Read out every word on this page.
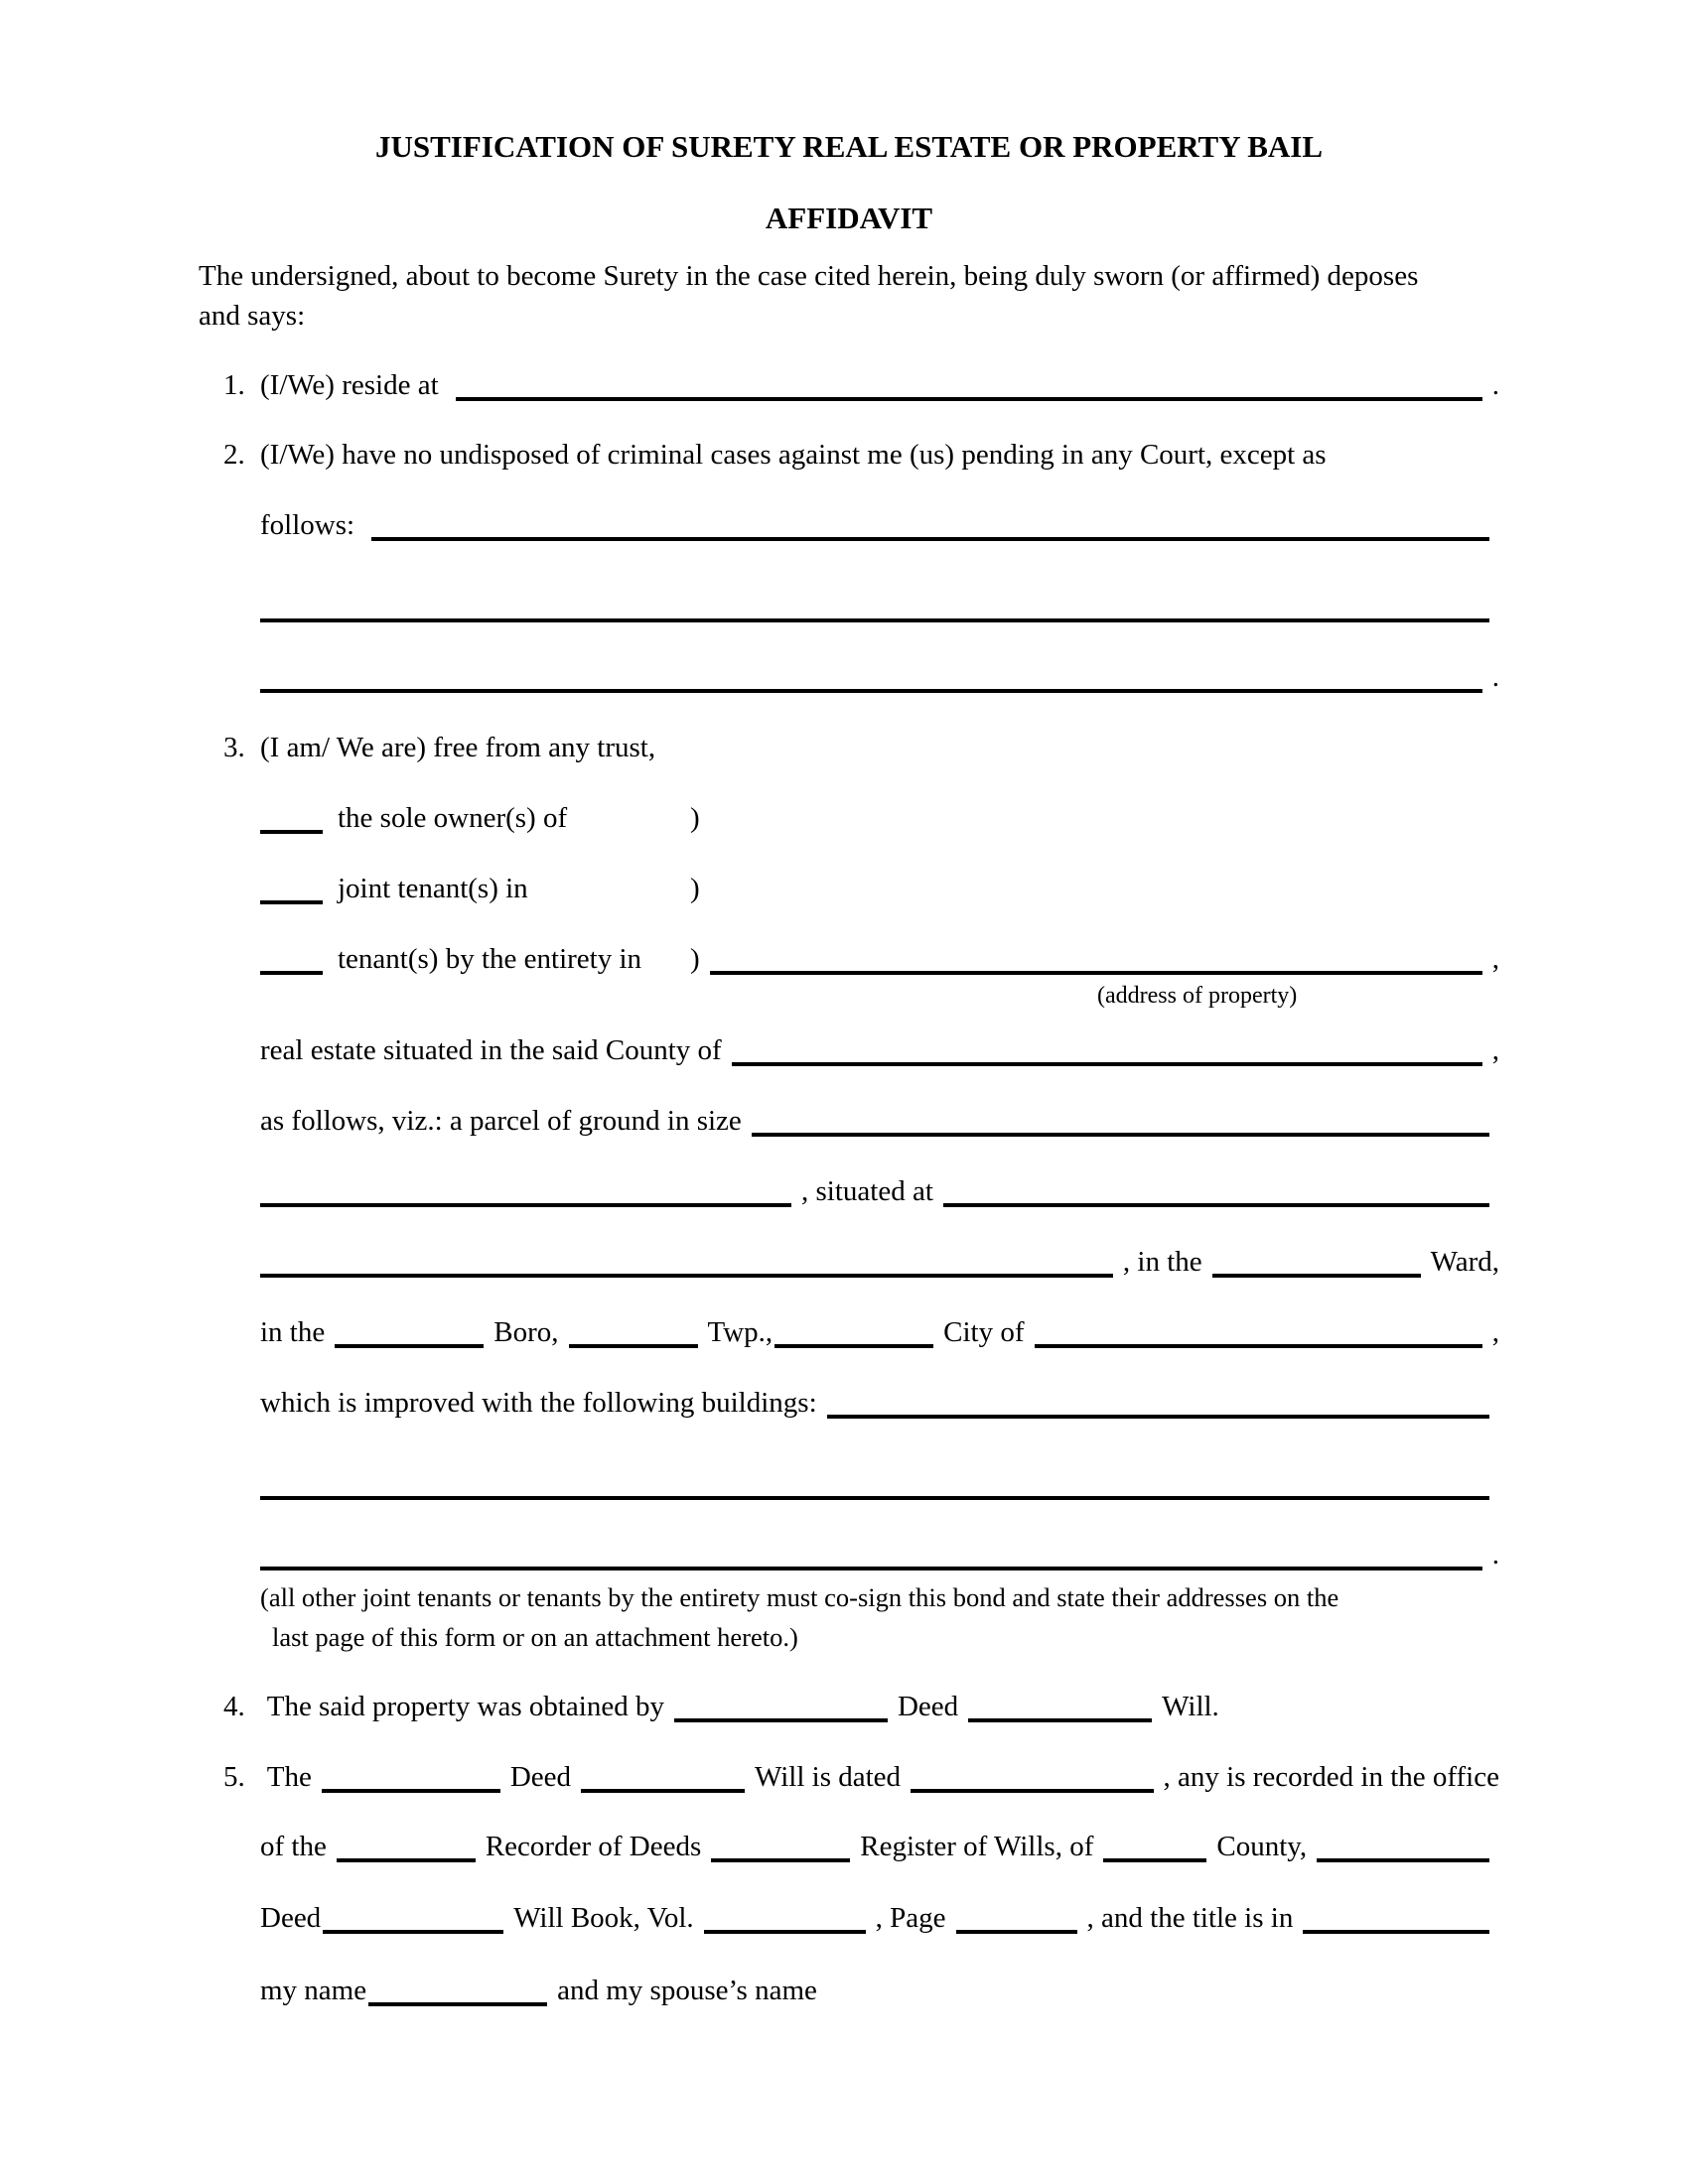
JUSTIFICATION OF SURETY REAL ESTATE OR PROPERTY BAIL
AFFIDAVIT

The undersigned, about to become Surety in the case cited herein, being duly sworn (or affirmed) deposes
and says:

1. (I/We) reside at	.
2. (I/We) have no undisposed of criminal cases against me (us) pending in any Court, except as
follows:
.
3. (I am/ We are) free from any trust,
the sole owner(s) of	)
joint tenant(s) in	)
tenant(s) by the entirety in	)	,
(address of property)
real estate situated in the said County of	,
as follows, viz.: a parcel of ground in size
, situated at
, in the	Ward,
in the	Boro,	Twp.,	City of	,
which is improved with the following buildings:
.
(all other joint tenants or tenants by the entirety must co-sign this bond and state their addresses on the
last page of this form or on an attachment hereto.)
4. The said property was obtained by	Deed	Will.
5. The	Deed	Will is dated	, any is recorded in the office
of the	Recorder of Deeds	Register of Wills, of	County,
Deed	Will Book, Vol.	, Page	, and the title is in
my name	and my spouse’s name
